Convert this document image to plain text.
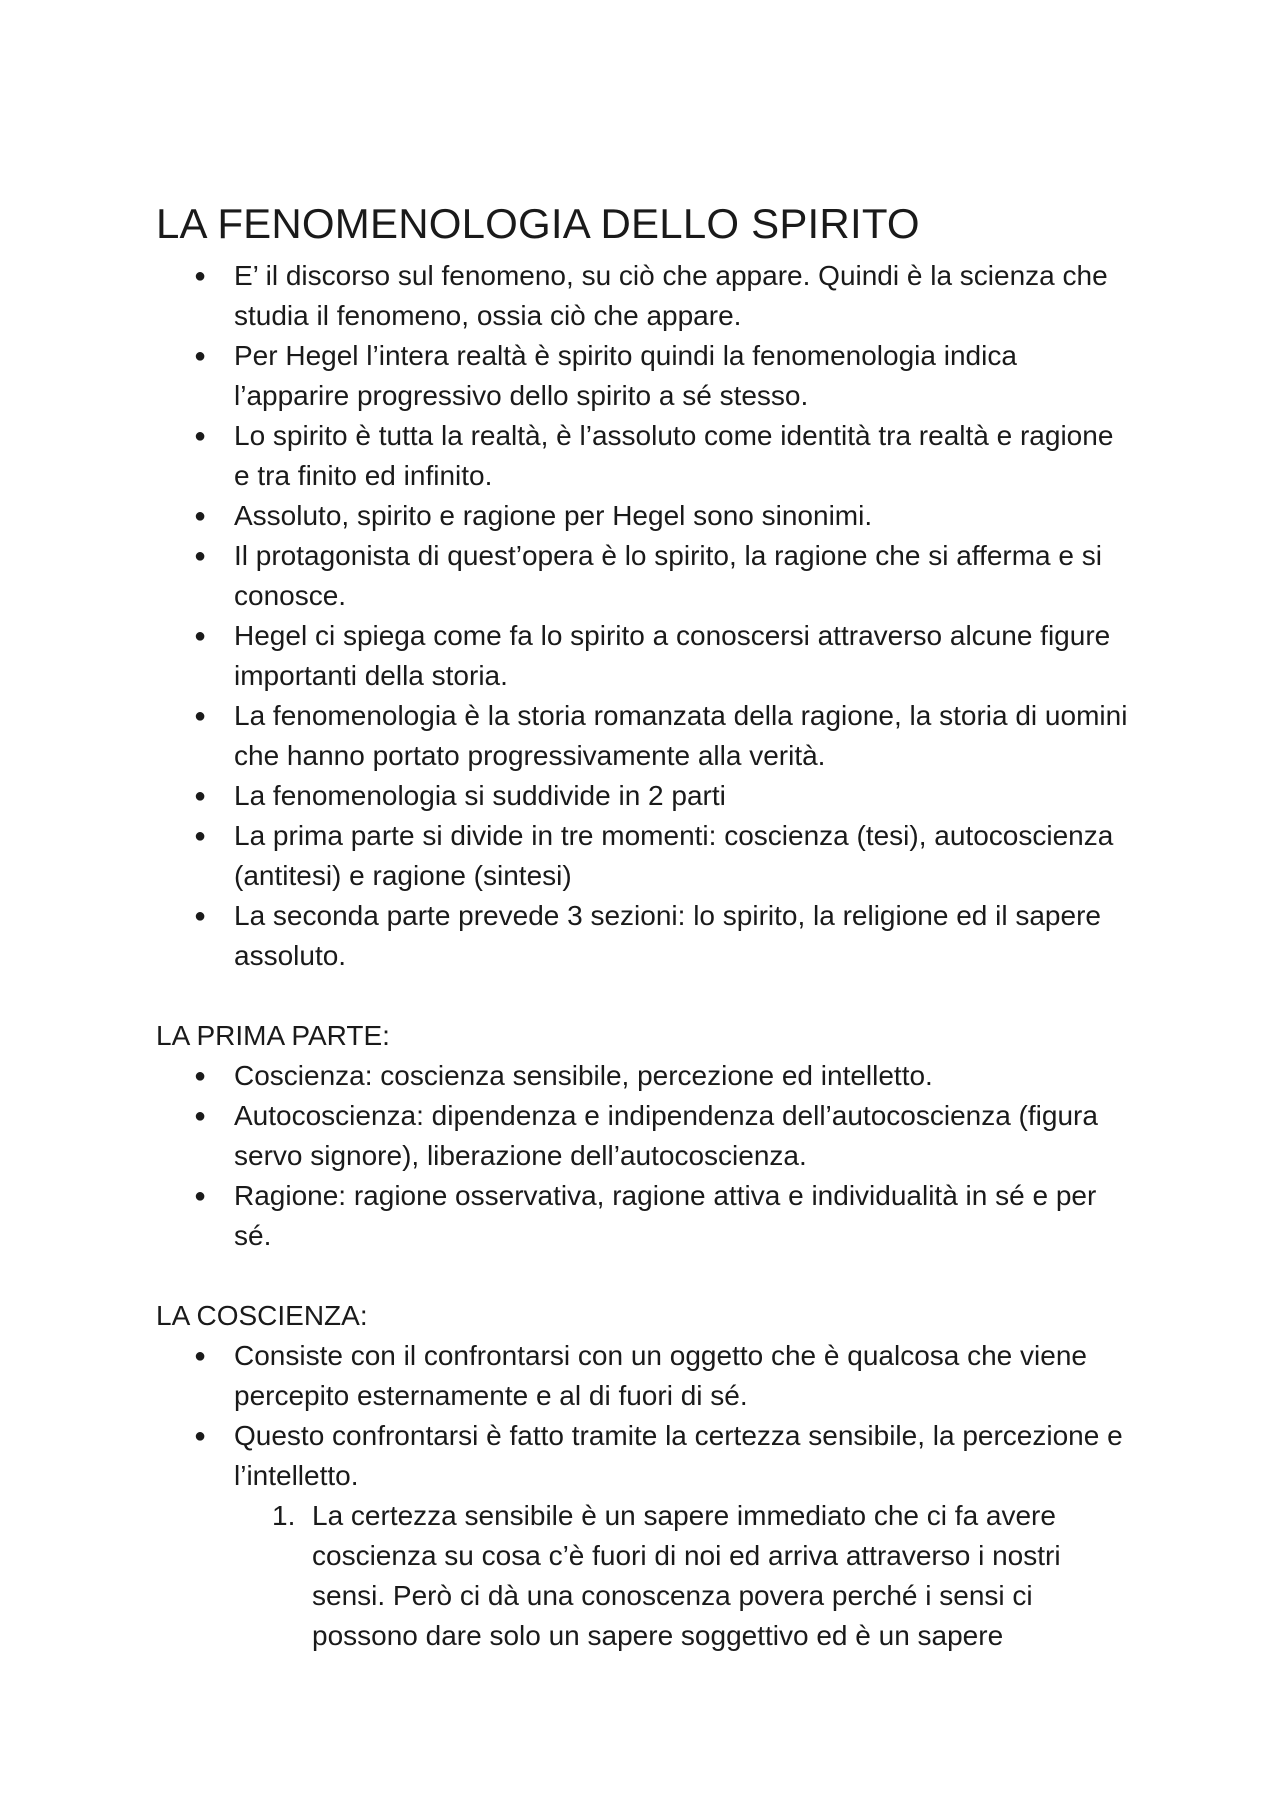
LA FENOMENOLOGIA DELLO SPIRITO
● E’ il discorso sul fenomeno, su ciò che appare. Quindi è la scienza che studia il fenomeno, ossia ciò che appare.
● Per Hegel l’intera realtà è spirito quindi la fenomenologia indica l’apparire progressivo dello spirito a sé stesso.
● Lo spirito è tutta la realtà, è l’assoluto come identità tra realtà e ragione e tra finito ed infinito.
● Assoluto, spirito e ragione per Hegel sono sinonimi.
● Il protagonista di quest’opera è lo spirito, la ragione che si afferma e si conosce.
● Hegel ci spiega come fa lo spirito a conoscersi attraverso alcune figure importanti della storia.
● La fenomenologia è la storia romanzata della ragione, la storia di uomini che hanno portato progressivamente alla verità.
● La fenomenologia si suddivide in 2 parti
● La prima parte si divide in tre momenti: coscienza (tesi), autocoscienza (antitesi) e ragione (sintesi)
● La seconda parte prevede 3 sezioni: lo spirito, la religione ed il sapere assoluto.

LA PRIMA PARTE:

● Coscienza: coscienza sensibile, percezione ed intelletto.
● Autocoscienza: dipendenza e indipendenza dell’autocoscienza (figura servo signore), liberazione dell’autocoscienza.
● Ragione: ragione osservativa, ragione attiva e individualità in sé e per sé.

LA COSCIENZA:

● Consiste con il confrontarsi con un oggetto che è qualcosa che viene percepito esternamente e al di fuori di sé.
● Questo confrontarsi è fatto tramite la certezza sensibile, la percezione e l’intelletto.
1. La certezza sensibile è un sapere immediato che ci fa avere coscienza su cosa c’è fuori di noi ed arriva attraverso i nostri sensi. Però ci dà una conoscenza povera perché i sensi ci possono dare solo un sapere soggettivo ed è un sapere
